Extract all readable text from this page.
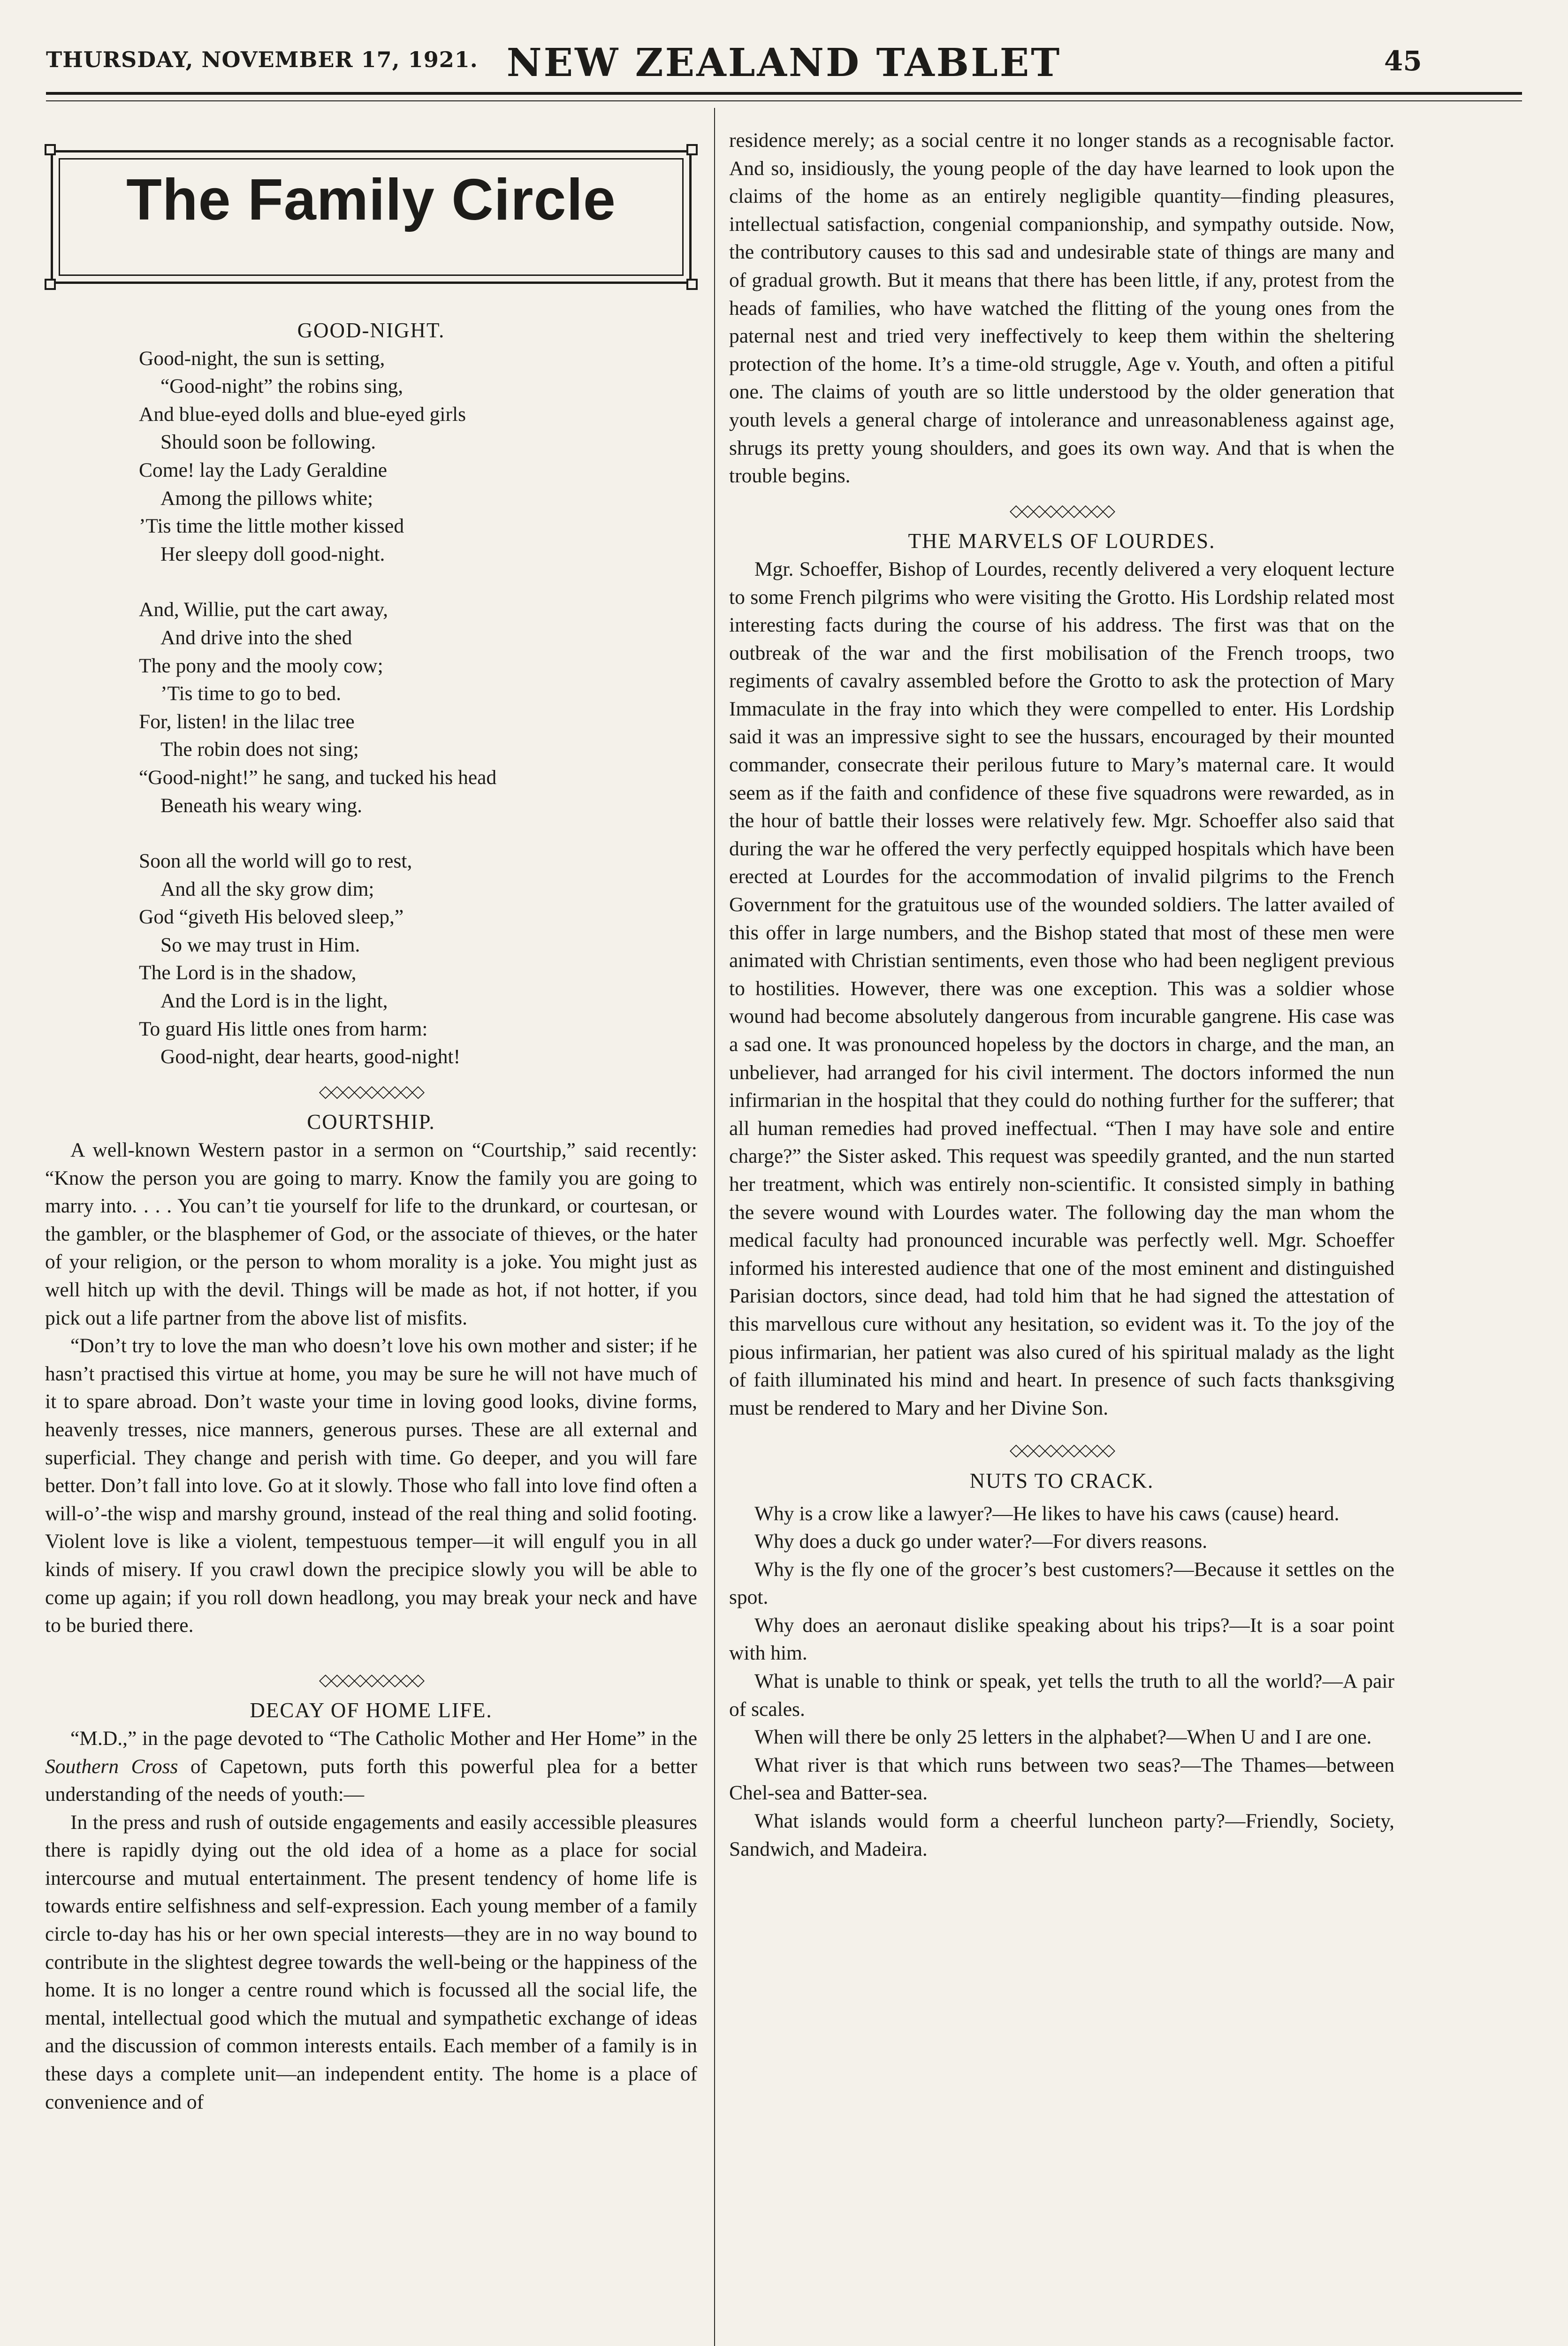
THURSDAY, NOVEMBER 17, 1921. NEW ZEALAND TABLET	45
The Family Circle
GOOD-NIGHT.
Good-night, the sun is setting,
“Good-night” the robins sing,
And blue-eyed dolls and blue-eyed girls
Should soon be following.
Come! lay the Lady Geraldine
Among the pillows white;
’Tis time the little mother kissed
Her sleepy doll good-night.
And, Willie, put the cart away,
And drive into the shed
The pony and the mooly cow;
’Tis time to go to bed.
For, listen! in the lilac tree
The robin does not sing;
“Good-night!” he sang, and tucked his head
Beneath his weary wing.
Soon all the world will go to rest,
And all the sky grow dim;
God “giveth His beloved sleep,”
So we may trust in Him.
The Lord is in the shadow,
And the Lord is in the light,
To guard His little ones from harm:
Good-night, dear hearts, good-night!
◇◇◇◇◇◇◇◇◇
COURTSHIP.

A well-known Western pastor in a sermon on “Courtship,” said recently: “Know the person you are going to marry. Know the family you are going to marry into. . . . You can’t tie yourself for life to the drunkard, or courtesan, or the gambler, or the blasphemer of God, or the associate of thieves, or the hater of your religion, or the person to whom morality is a joke. You might just as well hitch up with the devil. Things will be made as hot, if not hotter, if you pick out a life partner from the above list of misfits.

“Don’t try to love the man who doesn’t love his own mother and sister; if he hasn’t practised this virtue at home, you may be sure he will not have much of it to spare abroad. Don’t waste your time in loving good looks, divine forms, heavenly tresses, nice manners, generous purses. These are all external and superficial. They change and perish with time. Go deeper, and you will fare better. Don’t fall into love. Go at it slowly. Those who fall into love find often a will-o’-the wisp and marshy ground, instead of the real thing and solid footing. Violent love is like a violent, tempestuous temper—it will engulf you in all kinds of misery. If you crawl down the precipice slowly you will be able to come up again; if you roll down headlong, you may break your neck and have to be buried there.

◇◇◇◇◇◇◇◇◇
DECAY OF HOME LIFE.

“M.D.,” in the page devoted to “The Catholic Mother and Her Home” in the Southern Cross of Capetown, puts forth this powerful plea for a better understanding of the needs of youth:—

In the press and rush of outside engagements and easily accessible pleasures there is rapidly dying out the old idea of a home as a place for social intercourse and mutual entertainment. The present tendency of home life is towards entire selfishness and self-expression. Each young member of a family circle to-day has his or her own special interests—they are in no way bound to contribute in the slightest degree towards the well-being or the happiness of the home. It is no longer a centre round which is focussed all the social life, the mental, intellectual good which the mutual and sympathetic exchange of ideas and the discussion of common interests entails. Each member of a family is in these days a complete unit—an independent entity. The home is a place of convenience and of

residence merely; as a social centre it no longer stands as a recognisable factor. And so, insidiously, the young people of the day have learned to look upon the claims of the home as an entirely negligible quantity—finding pleasures, intellectual satisfaction, congenial companionship, and sympathy outside. Now, the contributory causes to this sad and undesirable state of things are many and of gradual growth. But it means that there has been little, if any, protest from the heads of families, who have watched the flitting of the young ones from the paternal nest and tried very ineffectively to keep them within the sheltering protection of the home. It’s a time-old struggle, Age v. Youth, and often a pitiful one. The claims of youth are so little understood by the older generation that youth levels a general charge of intolerance and unreasonableness against age, shrugs its pretty young shoulders, and goes its own way. And that is when the trouble begins.

◇◇◇◇◇◇◇◇◇
THE MARVELS OF LOURDES.

Mgr. Schoeffer, Bishop of Lourdes, recently delivered a very eloquent lecture to some French pilgrims who were visiting the Grotto. His Lordship related most interesting facts during the course of his address. The first was that on the outbreak of the war and the first mobilisation of the French troops, two regiments of cavalry assembled before the Grotto to ask the protection of Mary Immaculate in the fray into which they were compelled to enter. His Lordship said it was an impressive sight to see the hussars, encouraged by their mounted commander, consecrate their perilous future to Mary’s maternal care. It would seem as if the faith and confidence of these five squadrons were rewarded, as in the hour of battle their losses were relatively few. Mgr. Schoeffer also said that during the war he offered the very perfectly equipped hospitals which have been erected at Lourdes for the accommodation of invalid pilgrims to the French Government for the gratuitous use of the wounded soldiers. The latter availed of this offer in large numbers, and the Bishop stated that most of these men were animated with Christian sentiments, even those who had been negligent previous to hostilities. However, there was one exception. This was a soldier whose wound had become absolutely dangerous from incurable gangrene. His case was a sad one. It was pronounced hopeless by the doctors in charge, and the man, an unbeliever, had arranged for his civil interment. The doctors informed the nun infirmarian in the hospital that they could do nothing further for the sufferer; that all human remedies had proved ineffectual. “Then I may have sole and entire charge?” the Sister asked. This request was speedily granted, and the nun started her treatment, which was entirely non-scientific. It consisted simply in bathing the severe wound with Lourdes water. The following day the man whom the medical faculty had pronounced incurable was perfectly well. Mgr. Schoeffer informed his interested audience that one of the most eminent and distinguished Parisian doctors, since dead, had told him that he had signed the attestation of this marvellous cure without any hesitation, so evident was it. To the joy of the pious infirmarian, her patient was also cured of his spiritual malady as the light of faith illuminated his mind and heart. In presence of such facts thanksgiving must be rendered to Mary and her Divine Son.

◇◇◇◇◇◇◇◇◇
NUTS TO CRACK.

Why is a crow like a lawyer?—He likes to have his caws (cause) heard.

Why does a duck go under water?—For divers reasons.

Why is the fly one of the grocer’s best customers?—Because it settles on the spot.

Why does an aeronaut dislike speaking about his trips?—It is a soar point with him.

What is unable to think or speak, yet tells the truth to all the world?—A pair of scales.

When will there be only 25 letters in the alphabet?—When U and I are one.

What river is that which runs between two seas?—The Thames—between Chel-sea and Batter-sea.

What islands would form a cheerful luncheon party?—Friendly, Society, Sandwich, and Madeira.
